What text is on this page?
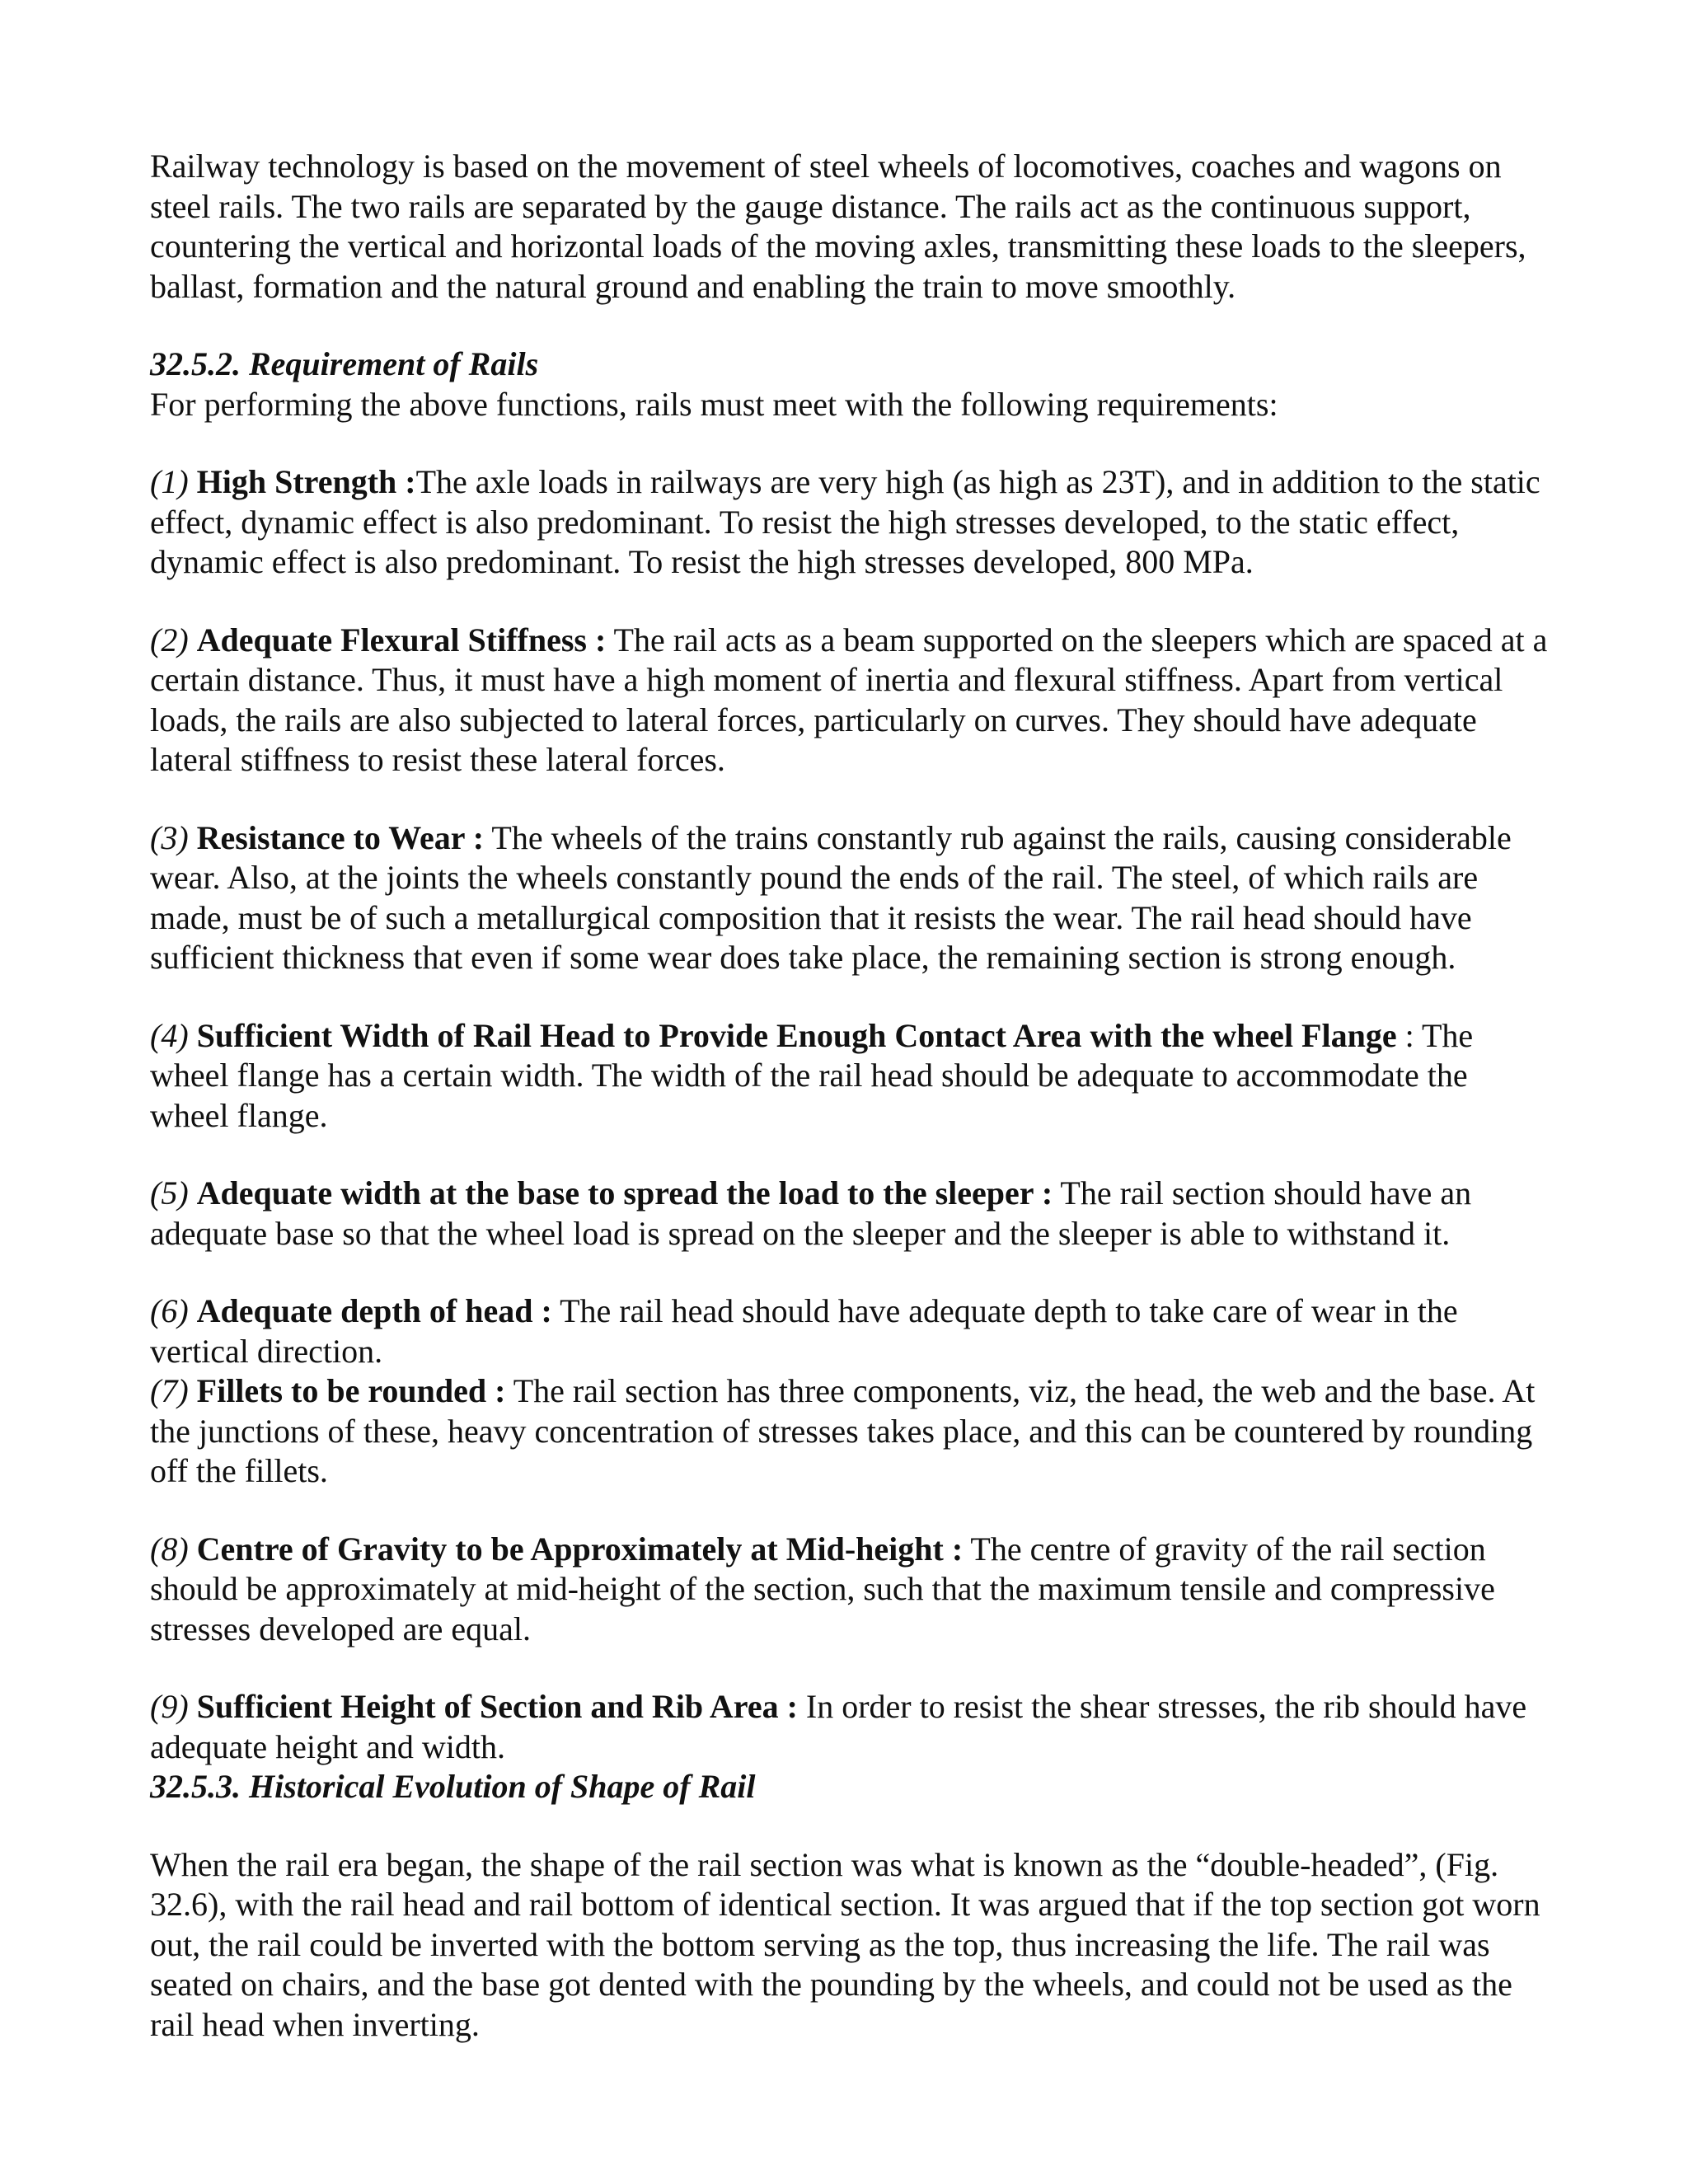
Railway technology is based on the movement of steel wheels of locomotives, coaches and wagons on steel rails. The two rails are separated by the gauge distance. The rails act as the continuous support, countering the vertical and horizontal loads of the moving axles, transmitting these loads to the sleepers, ballast, formation and the natural ground and enabling the train to move smoothly.

32.5.2. Requirement of Rails

For performing the above functions, rails must meet with the following requirements:

(1) High Strength :The axle loads in railways are very high (as high as 23T), and in addition to the static effect, dynamic effect is also predominant. To resist the high stresses developed, to the static effect, dynamic effect is also predominant. To resist the high stresses developed, 800 MPa.

(2) Adequate Flexural Stiffness : The rail acts as a beam supported on the sleepers which are spaced at a certain distance. Thus, it must have a high moment of inertia and flexural stiffness. Apart from vertical loads, the rails are also subjected to lateral forces, particularly on curves. They should have adequate lateral stiffness to resist these lateral forces.

(3) Resistance to Wear : The wheels of the trains constantly rub against the rails, causing considerable wear. Also, at the joints the wheels constantly pound the ends of the rail. The steel, of which rails are made, must be of such a metallurgical composition that it resists the wear. The rail head should have sufficient thickness that even if some wear does take place, the remaining section is strong enough.

(4) Sufficient Width of Rail Head to Provide Enough Contact Area with the wheel Flange : The wheel flange has a certain width. The width of the rail head should be adequate to accommodate the wheel flange.

(5) Adequate width at the base to spread the load to the sleeper : The rail section should have an adequate base so that the wheel load is spread on the sleeper and the sleeper is able to withstand it.

(6) Adequate depth of head : The rail head should have adequate depth to take care of wear in the vertical direction.

(7) Fillets to be rounded : The rail section has three components, viz, the head, the web and the base. At the junctions of these, heavy concentration of stresses takes place, and this can be countered by rounding off the fillets.

(8) Centre of Gravity to be Approximately at Mid-height : The centre of gravity of the rail section should be approximately at mid-height of the section, such that the maximum tensile and compressive stresses developed are equal.

(9) Sufficient Height of Section and Rib Area : In order to resist the shear stresses, the rib should have adequate height and width.

32.5.3. Historical Evolution of Shape of Rail

When the rail era began, the shape of the rail section was what is known as the “double-headed”, (Fig. 32.6), with the rail head and rail bottom of identical section. It was argued that if the top section got worn out, the rail could be inverted with the bottom serving as the top, thus increasing the life. The rail was seated on chairs, and the base got dented with the pounding by the wheels, and could not be used as the rail head when inverting.
